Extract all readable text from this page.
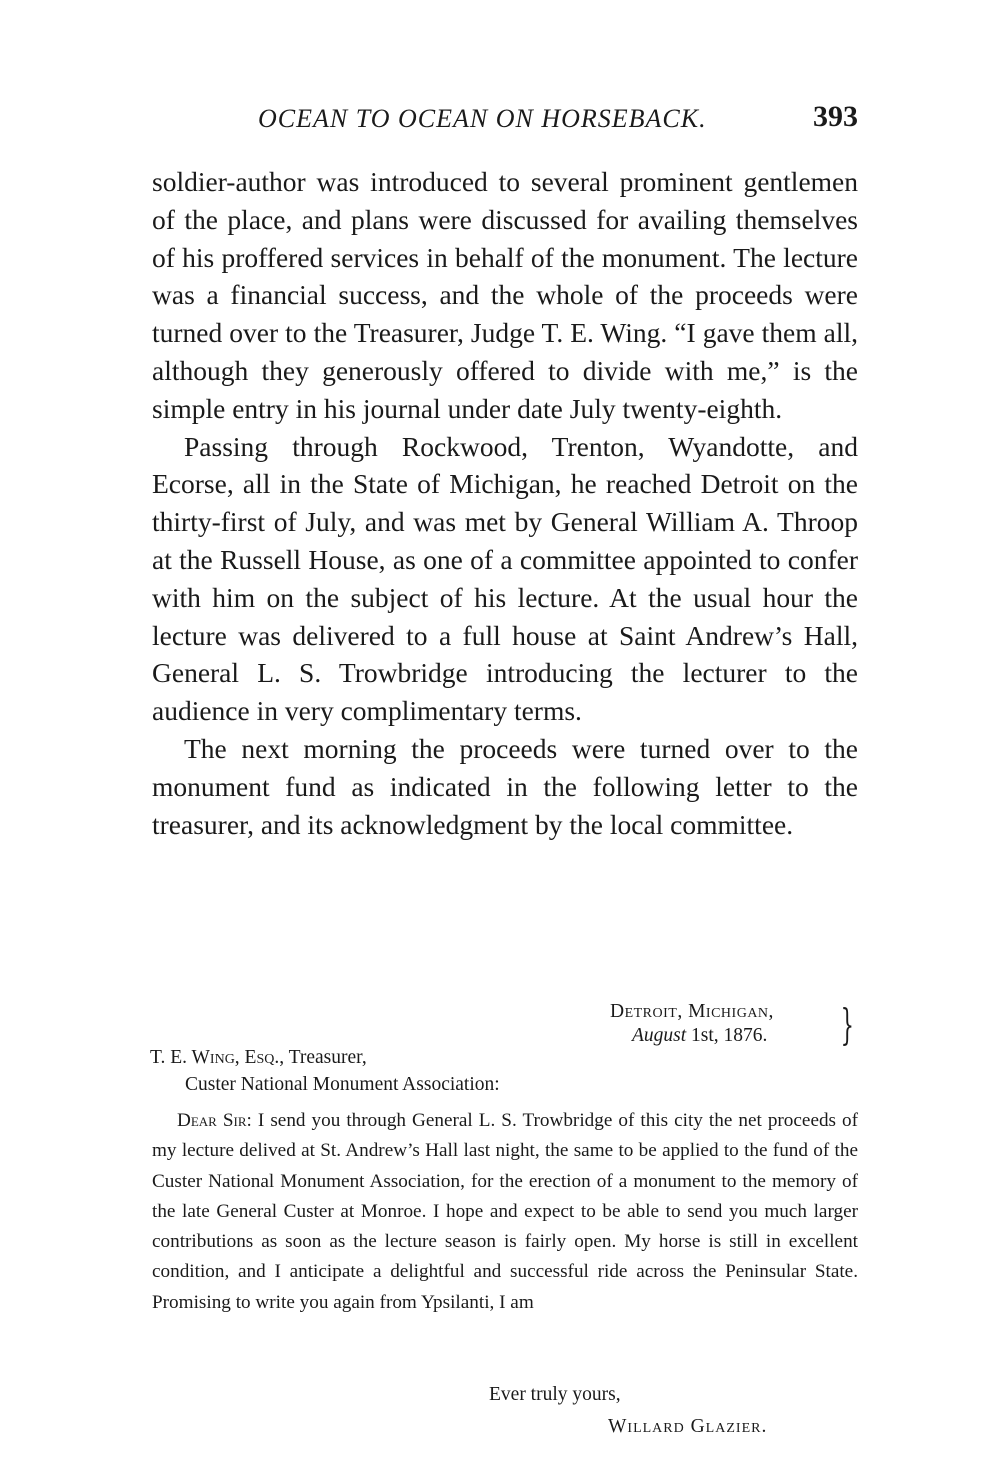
OCEAN TO OCEAN ON HORSEBACK.	393

soldier-author was introduced to several prominent gentlemen of the place, and plans were discussed for availing themselves of his proffered services in behalf of the monument. The lecture was a financial success, and the whole of the proceeds were turned over to the Treasurer, Judge T. E. Wing. “I gave them all, although they generously offered to divide with me,” is the simple entry in his journal under date July twenty-eighth.

Passing through Rockwood, Trenton, Wyandotte, and Ecorse, all in the State of Michigan, he reached Detroit on the thirty-first of July, and was met by General William A. Throop at the Russell House, as one of a committee appointed to confer with him on the subject of his lecture. At the usual hour the lecture was delivered to a full house at Saint Andrew’s Hall, General L. S. Trowbridge introducing the lecturer to the audience in very complimentary terms.

The next morning the proceeds were turned over to the monument fund as indicated in the following letter to the treasurer, and its acknowledgment by the local committee.

Detroit, Michigan,
August 1st, 1876.	}
T. E. Wing, Esq., Treasurer,
Custer National Monument Association:
Dear Sir: I send you through General L. S. Trowbridge of this city the net proceeds of my lecture delived at St. Andrew’s Hall last night, the same to be applied to the fund of the Custer National Monument Association, for the erection of a monument to the memory of the late General Custer at Monroe. I hope and expect to be able to send you much larger contributions as soon as the lecture season is fairly open. My horse is still in excellent condition, and I anticipate a delightful and successful ride across the Peninsular State. Promising to write you again from Ypsilanti, I am
Ever truly yours,
Willard Glazier.
